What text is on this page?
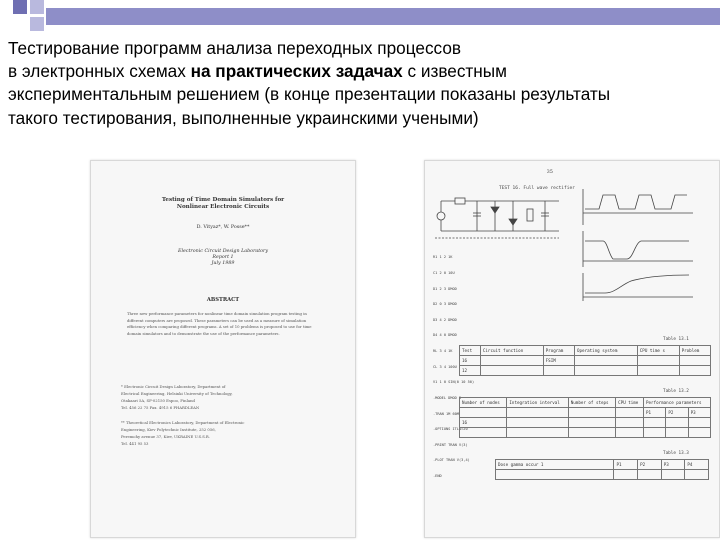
Тестирование программ анализа переходных процессов
в электронных схемах на практических задачах с известным
экспериментальным решением (в конце презентации показаны результаты
такого тестирования, выполненные украинскими учеными)
Testing of Time Domain Simulators for
Nonlinear Electronic Circuits
D. Vityaz*, W. Posse**
Electronic Circuit Design Laboratory
Report 1
July 1989
ABSTRACT
Three new performance parameters for nonlinear time domain simulation program testing in
different computers are proposed. These parameters can be used as a measure of simulation
efficiency when comparing different programs. A set of 10 problems is proposed to use for time
domain simulators and to demonstrate the use of the performance parameters.
* Electronic Circuit Design Laboratory, Department of
Electrical Engineering, Helsinki University of Technology,
Otakaari 5A, SF-02150 Espoo, Finland
Tel. 456 22 75 Fax. 4915 6 PHARDLEAN
** Theoretical Electronics Laboratory, Department of Electronic
Engineering, Kiev Polytechnic Institute, 252 056,
Peremohy avenue 37, Kiev, UKRAINE U.S.S.R.
Tel. 441 95 53
35
TEST 16. Full wave rectifier

R1 1 2 1K

C1 2 0 10U

D1 2 3 DMOD

D2 0 3 DMOD

D3 4 2 DMOD

D4 4 0 DMOD

RL 3 4 1K

CL 3 4 100U

V1 1 0 SIN(0 10 50)

.MODEL DMOD D

.TRAN 1M 60M

.OPTIONS ITL4=20

.PRINT TRAN V(3)

.PLOT TRAN V(3,4)

.END

Table 13.1
Test	Circuit function	Program	Operating system	CPU time s	Problem
16		FSIM			
12					
Table 13.2
Number of nodes	Integration interval	Number of steps	CPU time	Performance parameters		
				P1	P2	P3
16						

Table 13.3
Dose gamma occur 1	P1	P2	P3	P4
